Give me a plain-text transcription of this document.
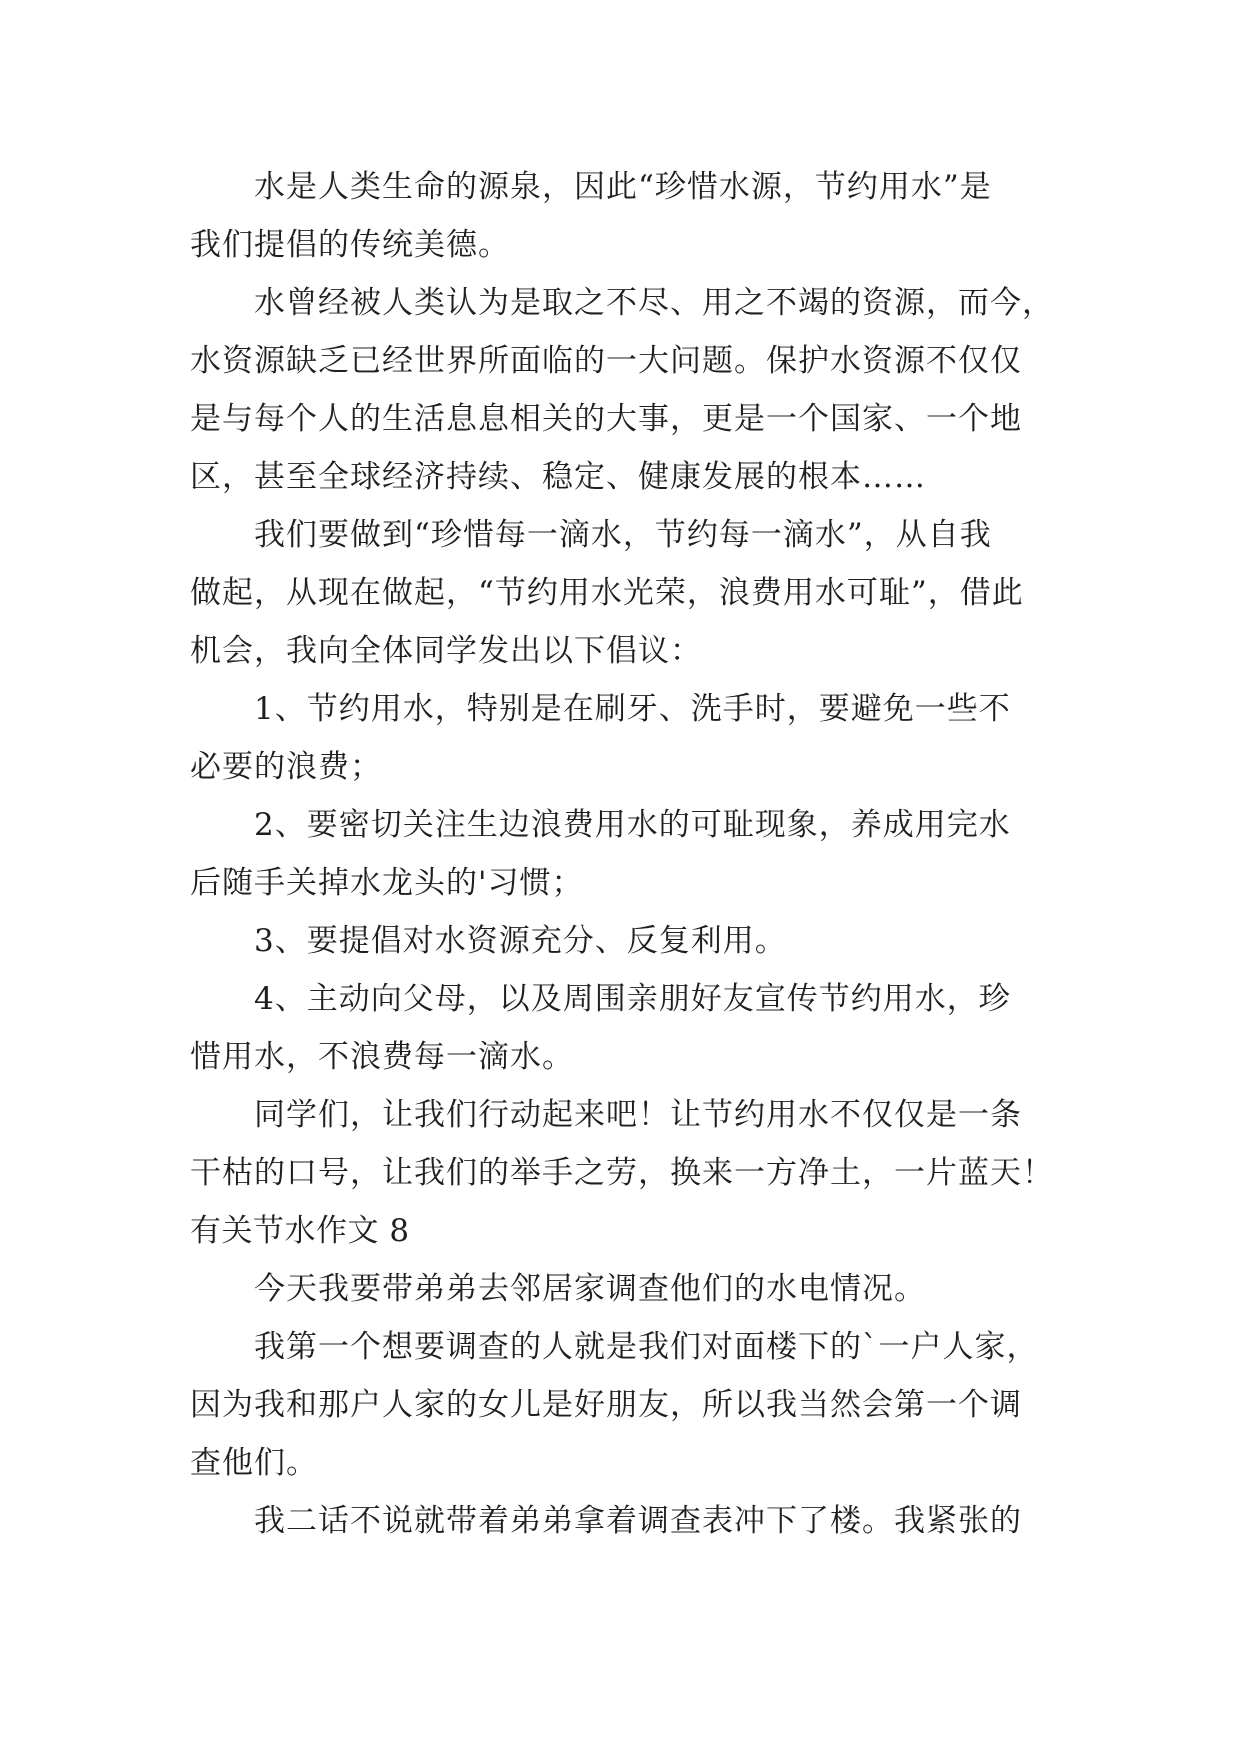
水是人类生命的源泉，因此“珍惜水源，节约用水”是
我们提倡的传统美德。
水曾经被人类认为是取之不尽、用之不竭的资源，而今，
水资源缺乏已经世界所面临的一大问题。保护水资源不仅仅
是与每个人的生活息息相关的大事，更是一个国家、一个地
区，甚至全球经济持续、稳定、健康发展的根本……
我们要做到“珍惜每一滴水，节约每一滴水”，从自我
做起，从现在做起，“节约用水光荣，浪费用水可耻”，借此
机会，我向全体同学发出以下倡议：
1、节约用水，特别是在刷牙、洗手时，要避免一些不
必要的浪费；
2、要密切关注生边浪费用水的可耻现象，养成用完水
后随手关掉水龙头的'习惯；
3、要提倡对水资源充分、反复利用。
4、主动向父母，以及周围亲朋好友宣传节约用水，珍
惜用水，不浪费每一滴水。
同学们，让我们行动起来吧！让节约用水不仅仅是一条
干枯的口号，让我们的举手之劳，换来一方净土，一片蓝天！
有关节水作文 8
今天我要带弟弟去邻居家调查他们的水电情况。
我第一个想要调查的人就是我们对面楼下的`一户人家，
因为我和那户人家的女儿是好朋友，所以我当然会第一个调
查他们。
我二话不说就带着弟弟拿着调查表冲下了楼。我紧张的
